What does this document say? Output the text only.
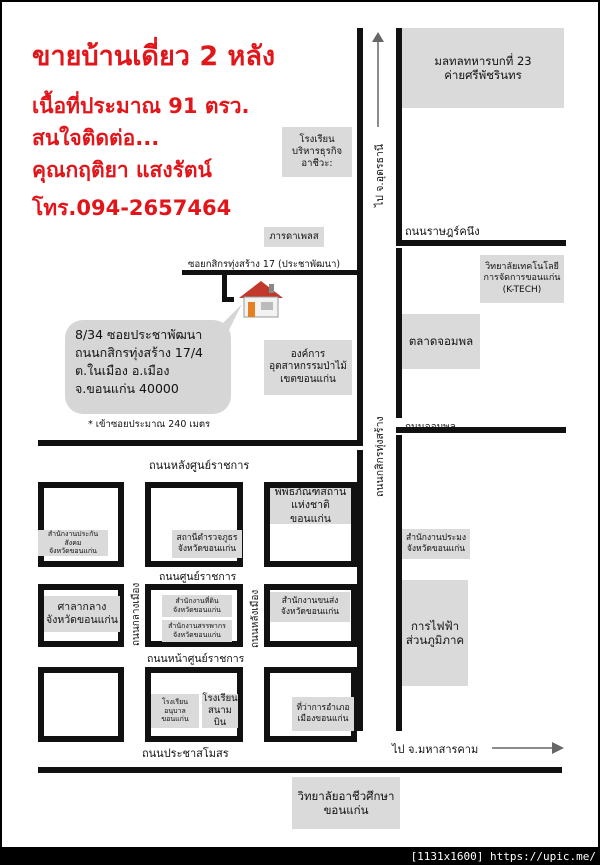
ขายบ้านเดี่ยว 2 หลัง
เนื้อที่ประมาณ 91 ตรว.
สนใจติดต่อ...
คุณกฤติยา แสงรัตน์
โทร.094-2657464
ถนนราษฎร์คนึง
ถนนจอมพล
ซอยกสิกรทุ่งสร้าง 17 (ประชาพัฒนา)
ถนนหลังศูนย์ราชการ
ถนนศูนย์ราชการ
ถนนหน้าศูนย์ราชการ
ถนนประชาสโมสร	ไป จ.มหาสารคาม
ไป จ.อุดรธานี
ถนนกสิกรทุ่งสร้าง
ถนนกลางเมือง	ถนนหลังเมือง
8/34 ซอยประชาพัฒนา
ถนนกสิกรทุ่งสร้าง 17/4
ต.ในเมือง อ.เมือง
จ.ขอนแก่น 40000
* เข้าซอยประมาณ 240 เมตร
มลทลทหารบกที่ 23
ค่ายศรีพัชรินทร
โรงเรียน
บริหารธุรกิจ
อาชีวะ:
ภารดาเพลส
วิทยาลัยเทคโนโลยี
การจัดการขอนแก่น
(K-TECH)
ตลาดจอมพล
องค์การ
อุตสาหกรรมป่าไม้
เขตขอนแก่น
พิพิธภัณฑสถาน
แห่งชาติ ขอนแก่น
สำนักงานประกันสังคม
จังหวัดขอนแก่น
สถานีตำรวจภูธร
จังหวัดขอนแก่น
ศาลากลาง
จังหวัดขอนแก่น
สำนักงานที่ดิน
จังหวัดขอนแก่น
สำนักงานสรรพากร
จังหวัดขอนแก่น
สำนักงานขนส่ง
จังหวัดขอนแก่น
สำนักงานประมง
จังหวัดขอนแก่น
การไฟฟ้า
ส่วนภูมิภาค
โรงเรียนอนุบาล
ขอนแก่น
โรงเรียน
สนามบิน
ที่ว่าการอำเภอ
เมืองขอนแก่น
วิทยาลัยอาชีวศึกษา
ขอนแก่น
[1131x1600] https://upic.me/
